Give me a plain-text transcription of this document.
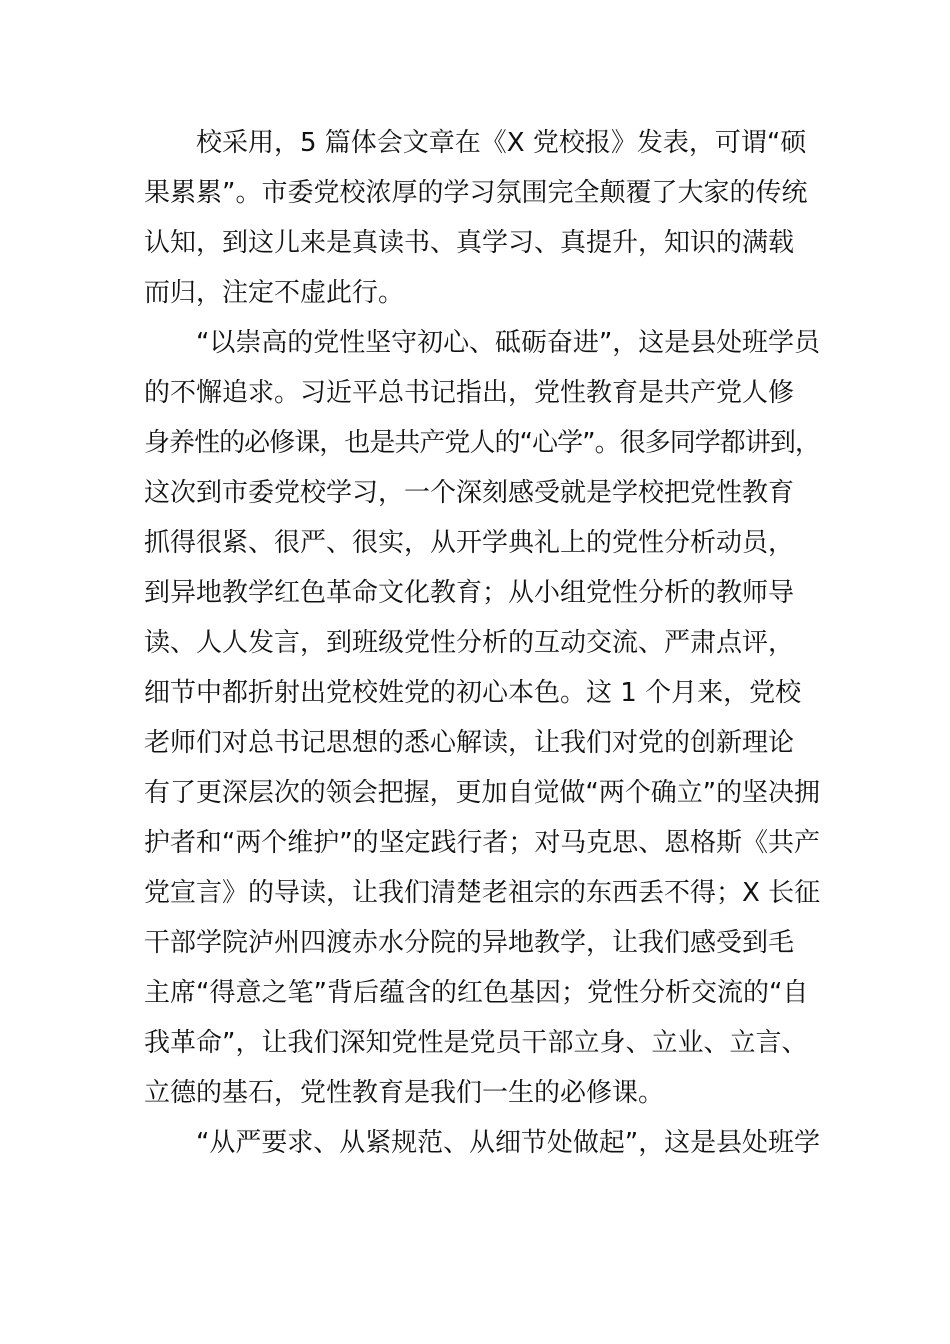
校采用，5 篇体会文章在《X 党校报》发表，可谓“硕
果累累”。市委党校浓厚的学习氛围完全颠覆了大家的传统
认知，到这儿来是真读书、真学习、真提升，知识的满载
而归，注定不虚此行。
“以崇高的党性坚守初心、砥砺奋进”，这是县处班学员
的不懈追求。习近平总书记指出，党性教育是共产党人修
身养性的必修课，也是共产党人的“心学”。很多同学都讲到，
这次到市委党校学习，一个深刻感受就是学校把党性教育
抓得很紧、很严、很实，从开学典礼上的党性分析动员，
到异地教学红色革命文化教育；从小组党性分析的教师导
读、人人发言，到班级党性分析的互动交流、严肃点评，
细节中都折射出党校姓党的初心本色。这 1 个月来，党校
老师们对总书记思想的悉心解读，让我们对党的创新理论
有了更深层次的领会把握，更加自觉做“两个确立”的坚决拥
护者和“两个维护”的坚定践行者；对马克思、恩格斯《共产
党宣言》的导读，让我们清楚老祖宗的东西丢不得；X 长征
干部学院泸州四渡赤水分院的异地教学，让我们感受到毛
主席“得意之笔”背后蕴含的红色基因；党性分析交流的“自
我革命”，让我们深知党性是党员干部立身、立业、立言、
立德的基石，党性教育是我们一生的必修课。
“从严要求、从紧规范、从细节处做起”，这是县处班学
